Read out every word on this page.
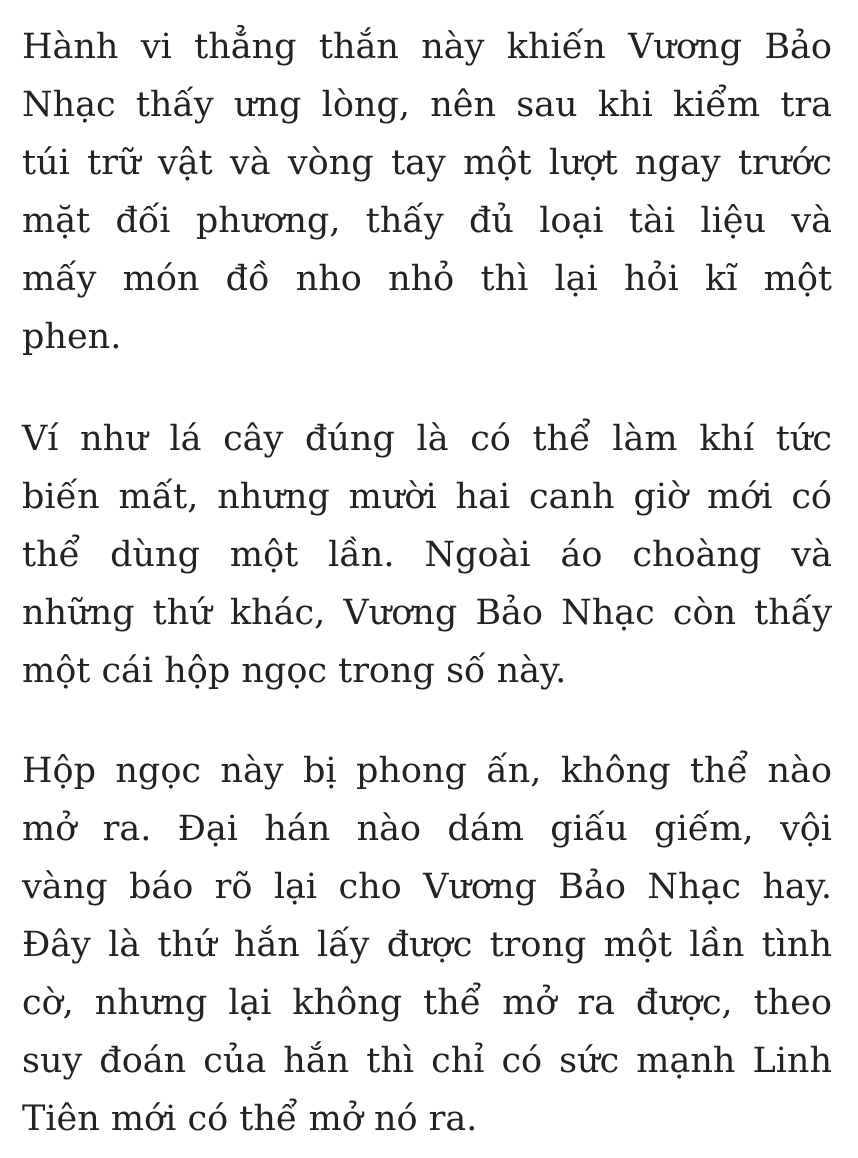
Hành vi thẳng thắn này khiến Vương Bảo
Nhạc thấy ưng lòng, nên sau khi kiểm tra
túi trữ vật và vòng tay một lượt ngay trước
mặt đối phương, thấy đủ loại tài liệu và
mấy món đồ nho nhỏ thì lại hỏi kĩ một
phen.

Ví như lá cây đúng là có thể làm khí tức
biến mất, nhưng mười hai canh giờ mới có
thể dùng một lần. Ngoài áo choàng và
những thứ khác, Vương Bảo Nhạc còn thấy
một cái hộp ngọc trong số này.

Hộp ngọc này bị phong ấn, không thể nào
mở ra. Đại hán nào dám giấu giếm, vội
vàng báo rõ lại cho Vương Bảo Nhạc hay.
Đây là thứ hắn lấy được trong một lần tình
cờ, nhưng lại không thể mở ra được, theo
suy đoán của hắn thì chỉ có sức mạnh Linh
Tiên mới có thể mở nó ra.
